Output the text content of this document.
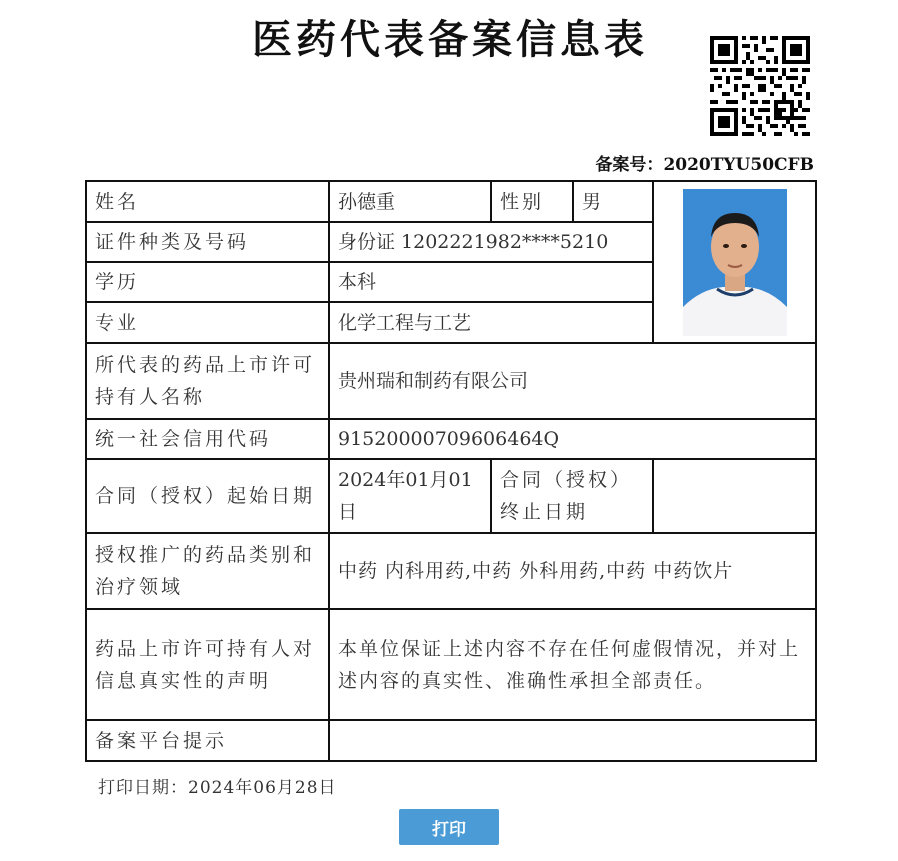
医药代表备案信息表
备案号：2020TYU50CFB
姓名	孙德重	性别	男	

证件种类及号码	身份证 1202221982****5210			
学历	本科			
专业	化学工程与工艺			
所代表的药品上市许可持有人名称	贵州瑞和制药有限公司			
统一社会信用代码	91520000709606464Q			
合同（授权）起始日期	2024年01月01日	合同（授权）终止日期		
授权推广的药品类别和治疗领域	中药 内科用药,中药 外科用药,中药 中药饮片			
药品上市许可持有人对信息真实性的声明	本单位保证上述内容不存在任何虚假情况，并对上述内容的真实性、准确性承担全部责任。			
备案平台提示				
打印日期：2024年06月28日
打印
